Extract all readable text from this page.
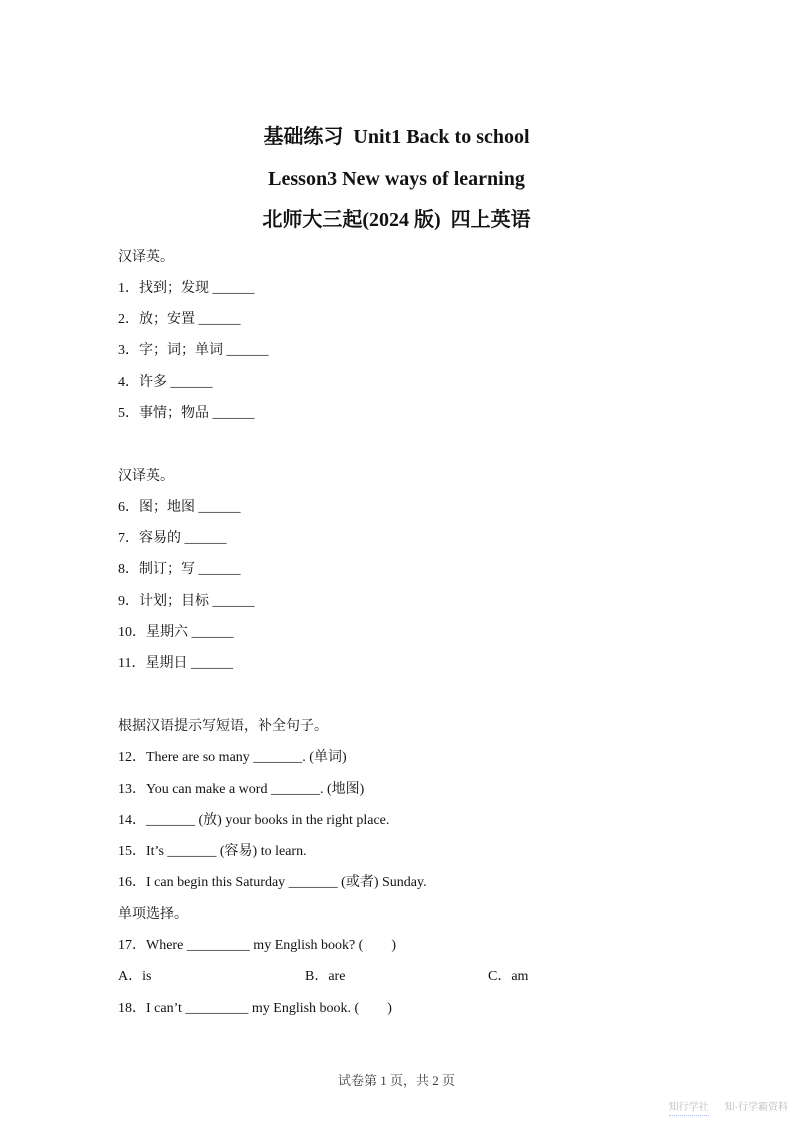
基础练习  Unit1 Back to school
Lesson3 New ways of learning
北师大三起(2024 版)  四上英语
汉译英。
1．找到；发现 ______
2．放；安置 ______
3．字；词；单词 ______
4．许多 ______
5．事情；物品 ______
汉译英。
6．图；地图 ______
7．容易的 ______
8．制订；写 ______
9．计划；目标 ______
10．星期六 ______
11．星期日 ______
根据汉语提示写短语，补全句子。
12．There are so many _______. (单词)
13．You can make a word _______. (地图)
14．_______ (放) your books in the right place.
15．It’s _______ (容易) to learn.
16．I can begin this Saturday _______ (或者) Sunday.
单项选择。
17．Where _________ my English book? (　　)
A．is	B．are	C．am
18．I can’t _________ my English book. (　　)
试卷第 1 页，共 2 页
知行学社 知·行学霸资料
